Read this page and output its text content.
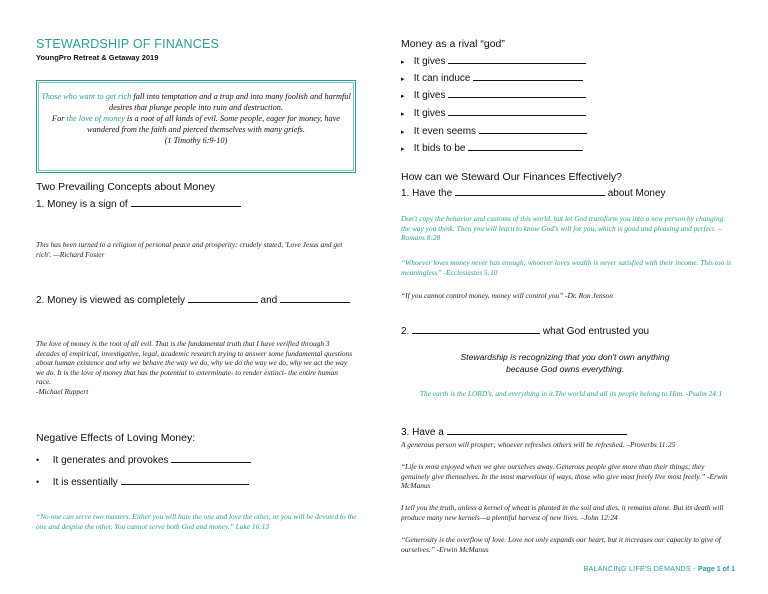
STEWARDSHIP OF FINANCES
YoungPro Retreat & Getaway 2019
Those who want to get rich fall into temptation and a trap and into many foolish and harmful desires that plunge people into ruin and destruction.
For the love of money is a root of all kinds of evil. Some people, eager for money, have wandered from the faith and pierced themselves with many griefs.
(1 Timothy 6:9-10)
Two Prevailing Concepts about Money
1. Money is a sign of
This has been turned to a religion of personal peace and prosperity: crudely stated, 'Love Jesus and get rich'. —Richard Foster
2. Money is viewed as completely	and
The love of money is the root of all evil. That is the fundamental truth that I have verified through 3 decades of empirical, investigative, legal, academic research trying to answer some fundamental questions about human existence and why we behave the way we do, why we do the way we do, why we act the way we do. It is the love of money that has the potential to exterminate- to render extinct- the entire human race.
-Michael Ruppert
Negative Effects of Loving Money:
• It generates and provokes
• It is essentially
“No one can serve two masters. Either you will hate the one and love the other, or you will be devoted to the one and despise the other. You cannot serve both God and money.” Luke 16:13
Money as a rival “god”
▸ It gives
▸ It can induce
▸ It gives
▸ It gives
▸ It even seems
▸ It bids to be
How can we Steward Our Finances Effectively?
1. Have the	about Money
Don't copy the behavior and customs of this world, but let God transform you into a new person by changing the way you think. Then you will learn to know God's will for you, which is good and pleasing and perfect. –Romans 8:28
“Whoever loves money never has enough; whoever loves wealth is never satisfied with their income. This too is meaningless” -Ecclesiastes 5:10
“If you cannot control money, money will control you” -Dr. Ron Jenson
2.	what God entrusted you
Stewardship is recognizing that you don't own anything
because God owns everything.
The earth is the LORD's, and everything in it.The world and all its people belong to Him. -Psalm 24:1
3. Have a
A generous person will prosper; whoever refreshes others will be refreshed. –Proverbs 11:25
“Life is most enjoyed when we give ourselves away. Generous people give more than their things; they genuinely give themselves. In the most marvelous of ways, those who give most freely live most freely.” -Erwin McManus
I tell you the truth, unless a kernel of wheat is planted in the soil and dies, it remains alone. But its death will produce many new kernels—a plentiful harvest of new lives. –John 12:24
“Generosity is the overflow of love. Love not only expands our heart, but it increases our capacity to give of ourselves.” -Erwin McManus
BALANCING LIFE'S DEMANDS - Page 1 of 1
